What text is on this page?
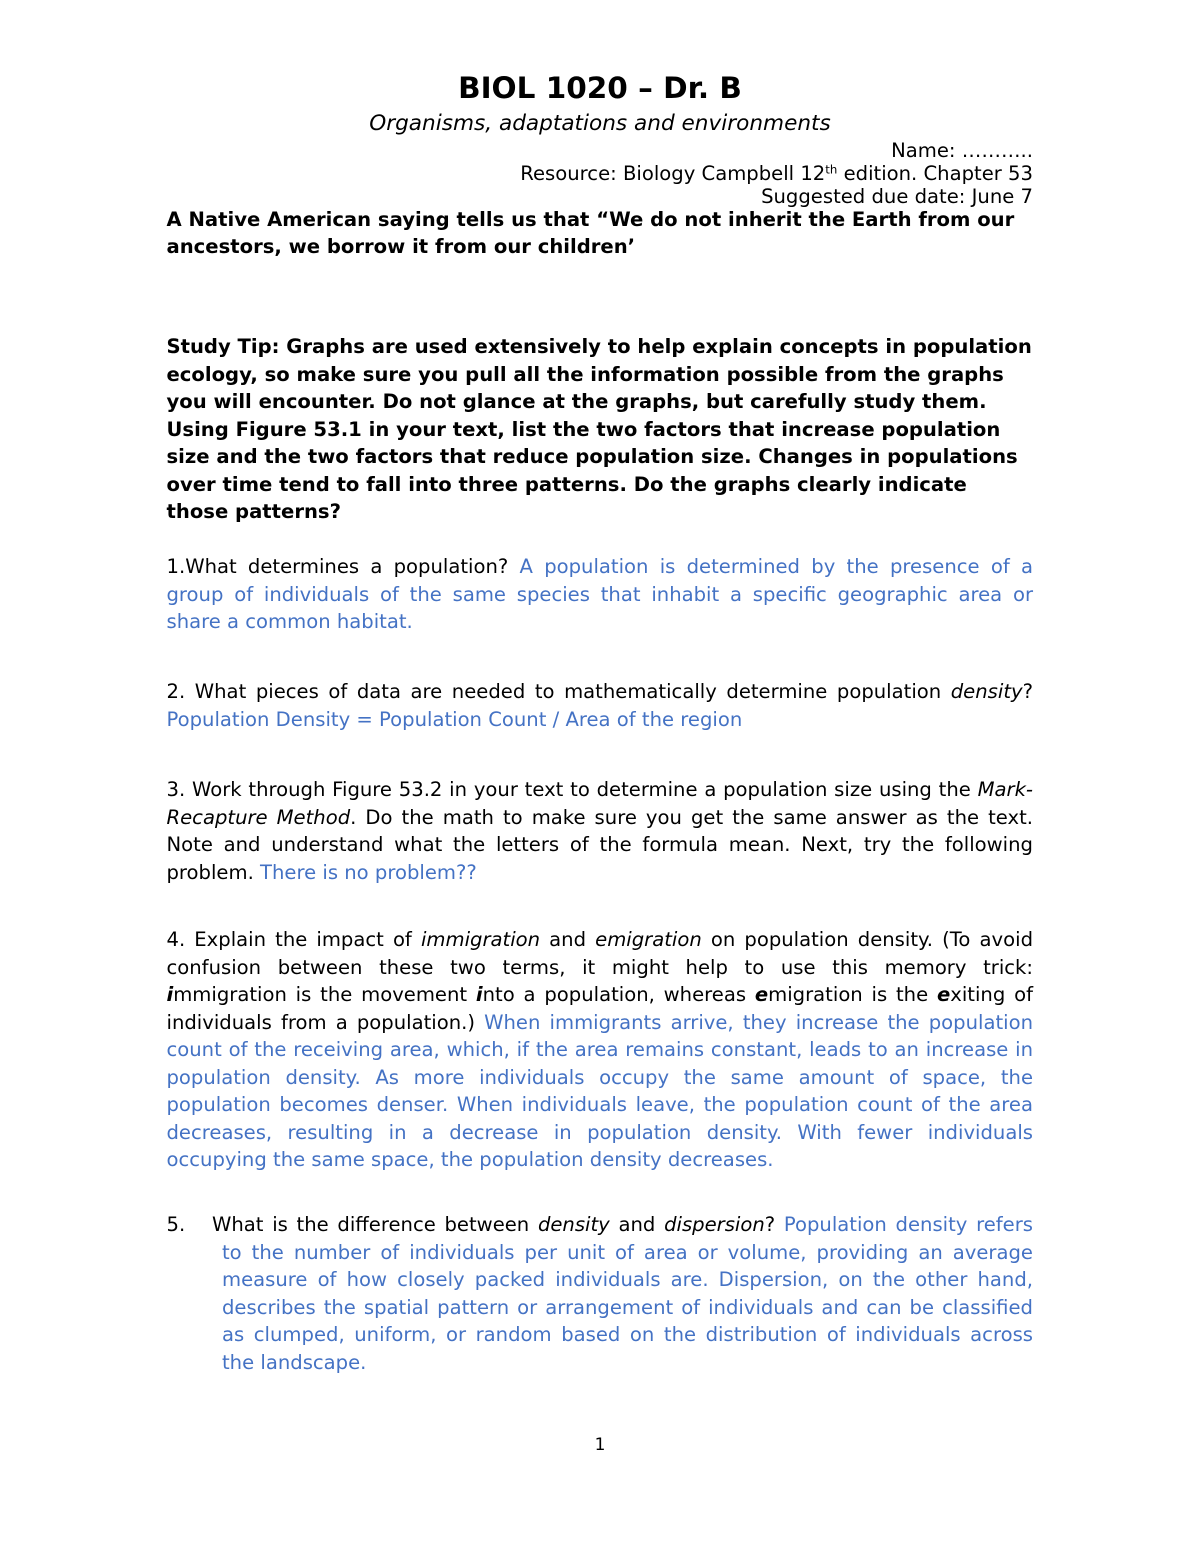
BIOL 1020 – Dr. B
Organisms, adaptations and environments
Name: ………..
Resource: Biology Campbell 12th edition. Chapter 53
Suggested due date: June 7
A Native American saying tells us that “We do not inherit the Earth from our
ancestors, we borrow it from our children’
Study Tip: Graphs are used extensively to help explain concepts in population
ecology, so make sure you pull all the information possible from the graphs
you will encounter. Do not glance at the graphs, but carefully study them.
Using Figure 53.1 in your text, list the two factors that increase population
size and the two factors that reduce population size. Changes in populations
over time tend to fall into three patterns. Do the graphs clearly indicate
those patterns?
1.What determines a population? A population is determined by the presence of a
group of individuals of the same species that inhabit a specific geographic area or
share a common habitat.
2. What pieces of data are needed to mathematically determine population density?
Population Density = Population Count / Area of the region
3. Work through Figure 53.2 in your text to determine a population size using the Mark-
Recapture Method. Do the math to make sure you get the same answer as the text.
Note and understand what the letters of the formula mean. Next, try the following
problem. There is no problem??
4. Explain the impact of immigration and emigration on population density. (To avoid
confusion between these two terms, it might help to use this memory trick:
immigration is the movement into a population, whereas emigration is the exiting of
individuals from a population.) When immigrants arrive, they increase the population
count of the receiving area, which, if the area remains constant, leads to an increase in
population density. As more individuals occupy the same amount of space, the
population becomes denser. When individuals leave, the population count of the area
decreases, resulting in a decrease in population density. With fewer individuals
occupying the same space, the population density decreases.
5.	What is the difference between density and dispersion? Population density refers
to the number of individuals per unit of area or volume, providing an average
measure of how closely packed individuals are. Dispersion, on the other hand,
describes the spatial pattern or arrangement of individuals and can be classified
as clumped, uniform, or random based on the distribution of individuals across
the landscape.
1
